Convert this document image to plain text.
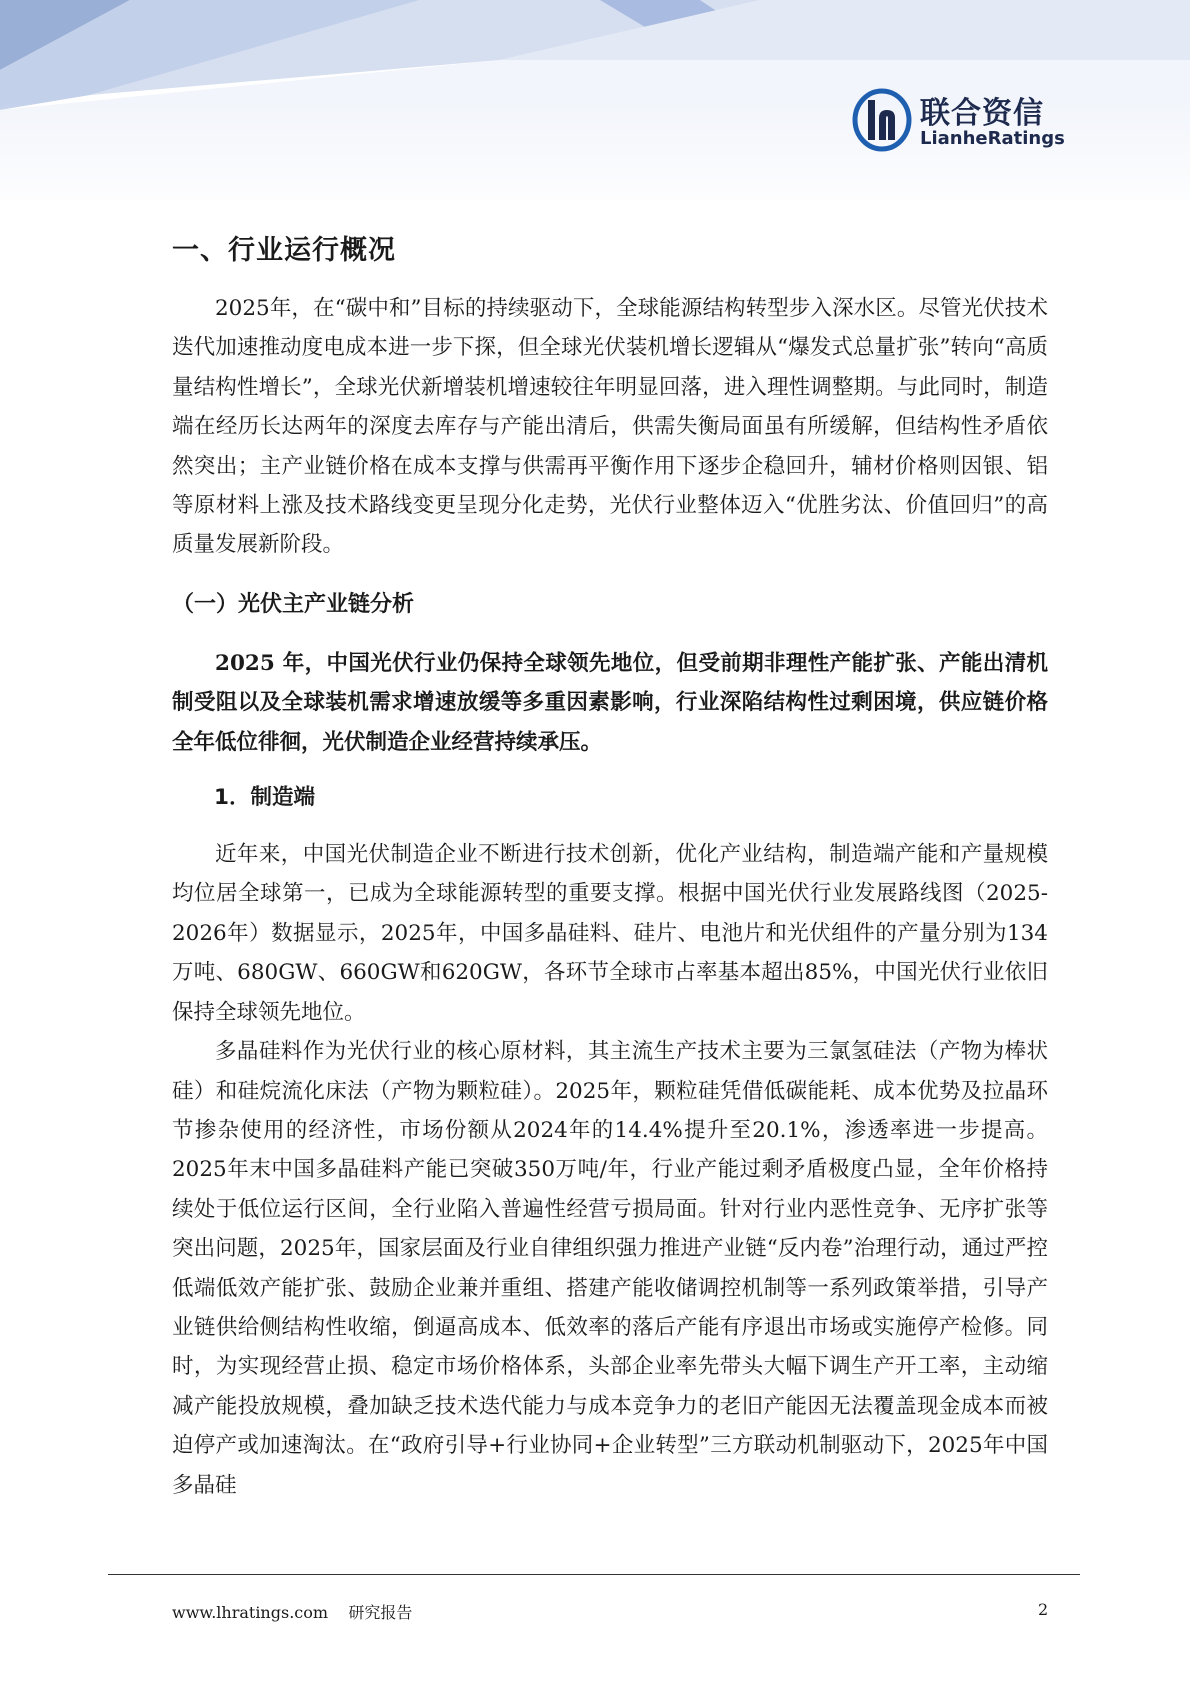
联合资信
LianheRatings
一、行业运行概况

2025年，在“碳中和”目标的持续驱动下，全球能源结构转型步入深水区。尽管光伏技术迭代加速推动度电成本进一步下探，但全球光伏装机增长逻辑从“爆发式总量扩张”转向“高质量结构性增长”，全球光伏新增装机增速较往年明显回落，进入理性调整期。与此同时，制造端在经历长达两年的深度去库存与产能出清后，供需失衡局面虽有所缓解，但结构性矛盾依然突出；主产业链价格在成本支撑与供需再平衡作用下逐步企稳回升，辅材价格则因银、铝等原材料上涨及技术路线变更呈现分化走势，光伏行业整体迈入“优胜劣汰、价值回归”的高质量发展新阶段。

（一）光伏主产业链分析

2025 年，中国光伏行业仍保持全球领先地位，但受前期非理性产能扩张、产能出清机制受阻以及全球装机需求增速放缓等多重因素影响，行业深陷结构性过剩困境，供应链价格全年低位徘徊，光伏制造企业经营持续承压。

1．制造端

近年来，中国光伏制造企业不断进行技术创新，优化产业结构，制造端产能和产量规模均位居全球第一，已成为全球能源转型的重要支撑。根据中国光伏行业发展路线图（2025-2026年）数据显示，2025年，中国多晶硅料、硅片、电池片和光伏组件的产量分别为134万吨、680GW、660GW和620GW，各环节全球市占率基本超出85%，中国光伏行业依旧保持全球领先地位。

多晶硅料作为光伏行业的核心原材料，其主流生产技术主要为三氯氢硅法（产物为棒状硅）和硅烷流化床法（产物为颗粒硅）。2025年，颗粒硅凭借低碳能耗、成本优势及拉晶环节掺杂使用的经济性，市场份额从2024年的14.4%提升至20.1%，渗透率进一步提高。2025年末中国多晶硅料产能已突破350万吨/年，行业产能过剩矛盾极度凸显，全年价格持续处于低位运行区间，全行业陷入普遍性经营亏损局面。针对行业内恶性竞争、无序扩张等突出问题，2025年，国家层面及行业自律组织强力推进产业链“反内卷”治理行动，通过严控低端低效产能扩张、鼓励企业兼并重组、搭建产能收储调控机制等一系列政策举措，引导产业链供给侧结构性收缩，倒逼高成本、低效率的落后产能有序退出市场或实施停产检修。同时，为实现经营止损、稳定市场价格体系，头部企业率先带头大幅下调生产开工率，主动缩减产能投放规模，叠加缺乏技术迭代能力与成本竞争力的老旧产能因无法覆盖现金成本而被迫停产或加速淘汰。在“政府引导+行业协同+企业转型”三方联动机制驱动下，2025年中国多晶硅

www.lhratings.com 研究报告	2
